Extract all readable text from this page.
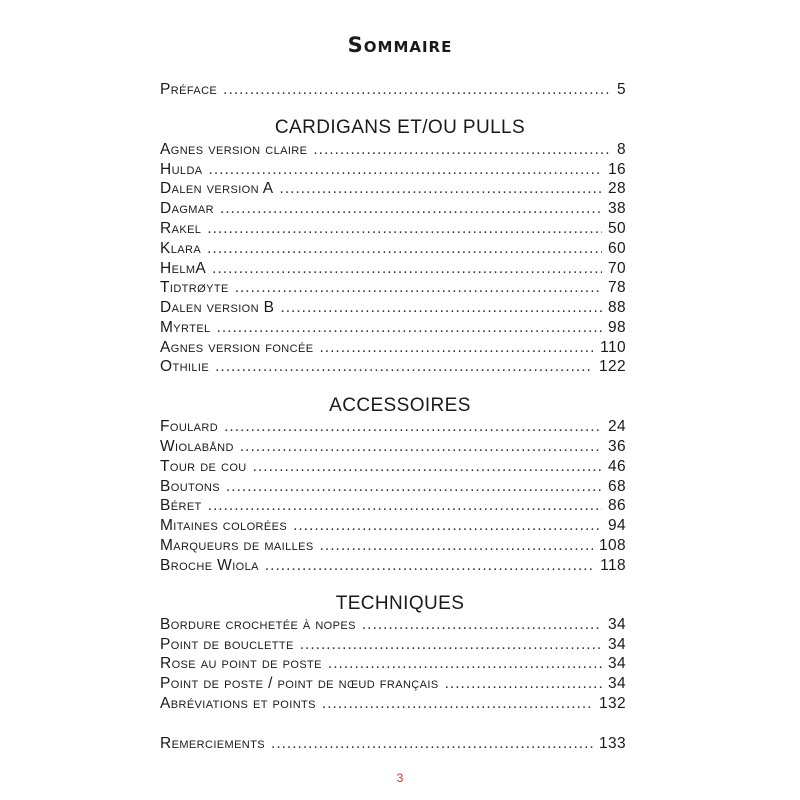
Sommaire
Préface .....	5
CARDIGANS ET/OU PULLS
Agnes version claire .....	8
Hulda .....	16
Dalen version A .....	28
Dagmar .....	38
Rakel .....	50
Klara .....	60
HelmA .....	70
Tidtrøyte .....	78
Dalen version B .....	88
Myrtel .....	98
Agnes version foncée .....	110
Othilie .....	122
ACCESSOIRES
Foulard .....	24
Wiolabånd .....	36
Tour de cou .....	46
Boutons .....	68
Béret .....	86
Mitaines colorées .....	94
Marqueurs de mailles .....	108
Broche Wiola .....	118
TECHNIQUES
Bordure crochetée à nopes .....	34
Point de bouclette .....	34
Rose au point de poste .....	34
Point de poste / point de nœud français .....	34
Abréviations et points .....	132
Remerciements .....	133
3
